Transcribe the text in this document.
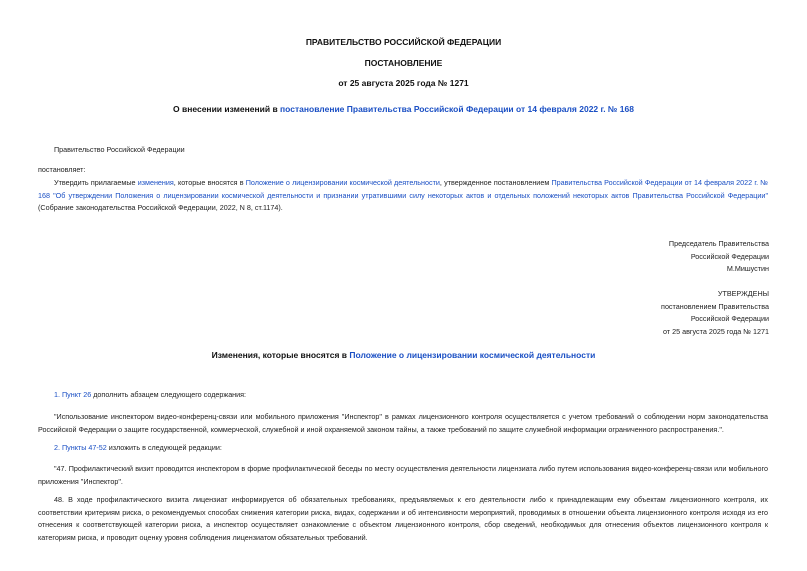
ПРАВИТЕЛЬСТВО РОССИЙСКОЙ ФЕДЕРАЦИИ
ПОСТАНОВЛЕНИЕ
от 25 августа 2025 года № 1271
О внесении изменений в постановление Правительства Российской Федерации от 14 февраля 2022 г. № 168
Правительство Российской Федерации
постановляет:
Утвердить прилагаемые изменения, которые вносятся в Положение о лицензировании космической деятельности, утвержденное постановлением Правительства Российской Федерации от 14 февраля 2022 г. № 168 "Об утверждении Положения о лицензировании космической деятельности и признании утратившими силу некоторых актов и отдельных положений некоторых актов Правительства Российской Федерации" (Собрание законодательства Российской Федерации, 2022, N 8, ст.1174).
Председатель Правительства
Российской Федерации
М.Мишустин
УТВЕРЖДЕНЫ
постановлением Правительства
Российской Федерации
от 25 августа 2025 года № 1271
Изменения, которые вносятся в Положение о лицензировании космической деятельности
1. Пункт 26 дополнить абзацем следующего содержания:
"Использование инспектором видео-конференц-связи или мобильного приложения "Инспектор" в рамках лицензионного контроля осуществляется с учетом требований о соблюдении норм законодательства Российской Федерации о защите государственной, коммерческой, служебной и иной охраняемой законом тайны, а также требований по защите служебной информации ограниченного распространения.".
2. Пункты 47-52 изложить в следующей редакции:
"47. Профилактический визит проводится инспектором в форме профилактической беседы по месту осуществления деятельности лицензиата либо путем использования видео-конференц-связи или мобильного приложения "Инспектор".
48. В ходе профилактического визита лицензиат информируется об обязательных требованиях, предъявляемых к его деятельности либо к принадлежащим ему объектам лицензионного контроля, их соответствии критериям риска, о рекомендуемых способах снижения категории риска, видах, содержании и об интенсивности мероприятий, проводимых в отношении объекта лицензионного контроля исходя из его отнесения к соответствующей категории риска, а инспектор осуществляет ознакомление с объектом лицензионного контроля, сбор сведений, необходимых для отнесения объектов лицензионного контроля к категориям риска, и проводит оценку уровня соблюдения лицензиатом обязательных требований.
